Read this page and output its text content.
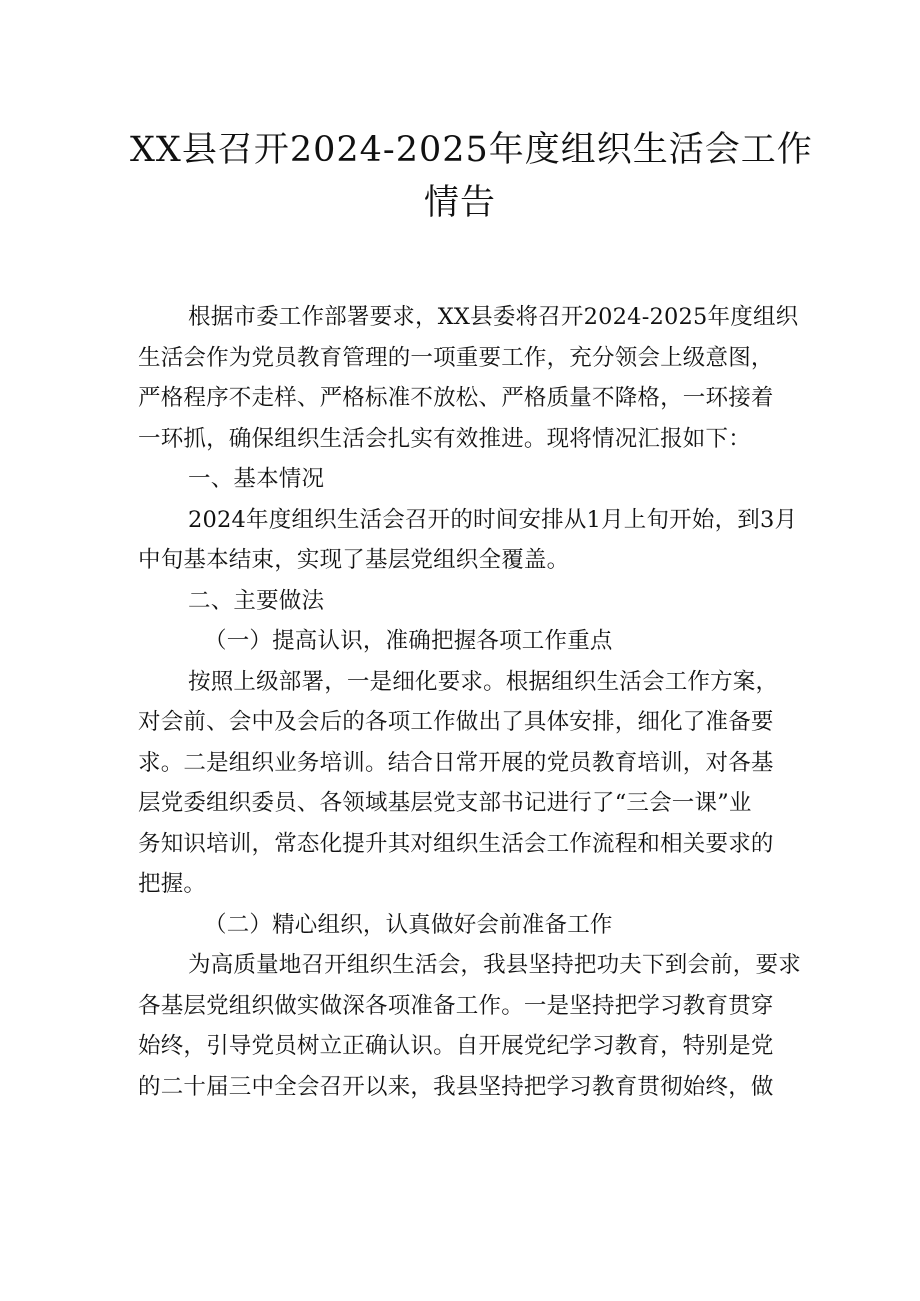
XX县召开2024-2025年度组织生活会工作
情告
根据市委工作部署要求，XX县委将召开2024-2025年度组织
生活会作为党员教育管理的一项重要工作，充分领会上级意图，
严格程序不走样、严格标准不放松、严格质量不降格，一环接着
一环抓，确保组织生活会扎实有效推进。现将情况汇报如下：
一、基本情况
2024年度组织生活会召开的时间安排从1月上旬开始，到3月
中旬基本结束，实现了基层党组织全覆盖。
二、主要做法
（一）提高认识，准确把握各项工作重点
按照上级部署，一是细化要求。根据组织生活会工作方案，
对会前、会中及会后的各项工作做出了具体安排，细化了准备要
求。二是组织业务培训。结合日常开展的党员教育培训，对各基
层党委组织委员、各领域基层党支部书记进行了“三会一课”业
务知识培训，常态化提升其对组织生活会工作流程和相关要求的
把握。
（二）精心组织，认真做好会前准备工作
为高质量地召开组织生活会，我县坚持把功夫下到会前，要求
各基层党组织做实做深各项准备工作。一是坚持把学习教育贯穿
始终，引导党员树立正确认识。自开展党纪学习教育，特别是党
的二十届三中全会召开以来，我县坚持把学习教育贯彻始终，做
